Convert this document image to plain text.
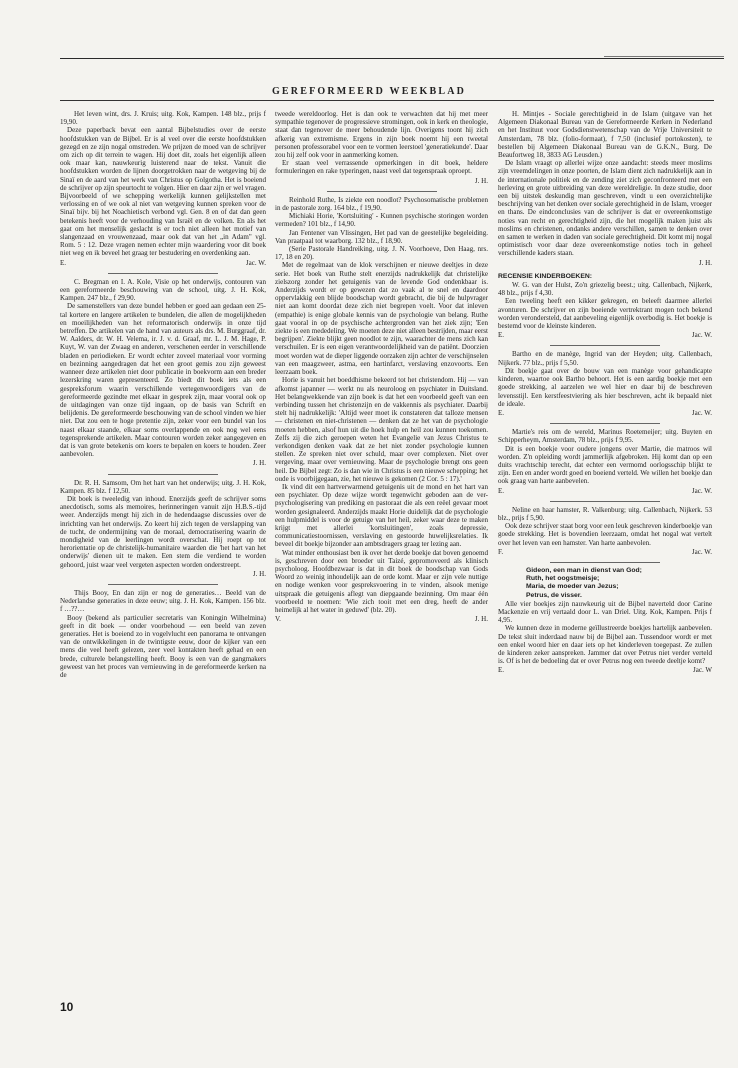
GEREFORMEERD WEEKBLAD

Het leven wint, drs. J. Kruis; uitg. Kok, Kampen. 148 blz., prijs f 19,90.

Deze paperback bevat een aantal Bijbelstudies over de eerste hoofdstukken van de Bijbel. Er is al veel over die eerste hoofdstukken gezegd en ze zijn nogal omstreden. We prijzen de moed van de schrijver om zich op dit terrein te wagen. Hij doet dit, zoals het eigenlijk alleen ook maar kan, nauwkeurig luisterend naar de tekst. Vanuit die hoofdstukken worden de lijnen doorgetrokken naar de wetgeving bij de Sinaï en de aard van het werk van Christus op Golgotha. Het is boeiend de schrijver op zijn speurtocht te volgen. Hier en daar zijn er wel vragen. Bijvoorbeeld of we schepping werkelijk kunnen gelijkstellen met verlossing en of we ook al niet van wetgeving kunnen spreken voor de Sinaï bijv. bij het Noachietisch verbond vgl. Gen. 8 en of dat dan geen betekenis heeft voor de verhouding van Israël en de volken. En als het gaat om het menselijk geslacht is er toch niet alleen het motief van slangenzaad en vrouwenzaad, maar ook dat van het „in Adam" vgl. Rom. 5 : 12. Deze vragen nemen echter mijn waardering voor dit boek niet weg en ik beveel het graag ter bestudering en overdenking aan.

E.	Jac. W.

C. Bregman en I. A. Kole, Visie op het onderwijs, contouren van een gereformeerde beschouwing van de school, uitg. J. H. Kok, Kampen. 247 blz., f 29,90.

De samenstellers van deze bundel hebben er goed aan gedaan een 25-tal kortere en langere artikelen te bundelen, die allen de mogelijkheden en moeilijkheden van het reformatorisch onderwijs in onze tijd betreffen. De artikelen van de hand van auteurs als drs. M. Burggraaf, dr. W. Aalders, dr. W. H. Velema, ir. J. v. d. Graaf, mr. L. J. M. Hage, P. Kuyt, W. van der Zwaag en anderen, verschenen eerder in verschillende bladen en periodieken. Er wordt echter zoveel materiaal voor vorming en bezinning aangedragen dat het een groot gemis zou zijn geweest wanneer deze artikelen niet door publicatie in boekvorm aan een breder lezerskring waren gepresenteerd. Zo biedt dit boek iets als een gespreksforum waarin verschillende vertegenwoordigers van de gereformeerde gezindte met elkaar in gesprek zijn, maar vooral ook op de uitdagingen van onze tijd ingaan, op de basis van Schrift en belijdenis. De gereformeerde beschouwing van de school vinden we hier niet. Dat zou een te hoge pretentie zijn, zeker voor een bundel van los naast elkaar staande, elkaar soms overlappende en ook nog wel eens tegensprekende artikelen. Maar contouren worden zeker aangegeven en dat is van grote betekenis om koers te bepalen en koers te houden. Zeer aanbevolen.

J. H.

Dr. R. H. Samsom, Om het hart van het onderwijs; uitg. J. H. Kok, Kampen. 85 blz. f 12,50.

Dit boek is tweeledig van inhoud. Enerzijds geeft de schrijver soms anecdotisch, soms als memoires, herinneringen vanuit zijn H.B.S.-tijd weer. Anderzijds mengt hij zich in de hedendaagse discussies over de inrichting van het onderwijs. Zo keert hij zich tegen de verslapping van de tucht, de ondermijning van de moraal, democratisering waarin de mondigheid van de leerlingen wordt overschat. Hij roept op tot herorientatie op de christelijk-humanitaire waarden die 'het hart van het onderwijs' dienen uit te maken. Een stem die verdiend te worden gehoord, juist waar veel vergeten aspecten worden onderstreept.

J. H.

Thijs Booy, En dan zijn er nog de generaties… Beeld van de Nederlandse generaties in deze eeuw; uitg. J. H. Kok, Kampen. 156 blz. f …??…

Booy (bekend als particulier secretaris van Koningin Wilhelmina) geeft in dit boek — onder voorbehoud — een beeld van zeven generaties. Het is boeiend zo in vogelvlucht een panorama te ontvangen van de ontwikkelingen in de twintigste eeuw, door de kijker van een mens die veel heeft gelezen, zeer veel kontakten heeft gehad en een brede, culturele belangstelling heeft. Booy is een van de gangmakers geweest van het proces van vernieuwing in de gereformeerde kerken na de

tweede wereldoorlog. Het is dan ook te verwachten dat hij met meer sympathie tegenover de progressieve stromingen, ook in kerk en theologie, staat dan tegenover de meer behoudende lijn. Overigens toont hij zich afkerig van extremisme. Ergens in zijn boek noemt hij een tweetal personen professorabel voor een te vormen leerstoel 'generatiekunde'. Daar zou hij zelf ook voor in aanmerking komen.

Er staan veel verrassende opmerkingen in dit boek, heldere formuleringen en rake typeringen, naast veel dat tegenspraak oproept.

J. H.

Reinhold Ruthe, Is ziekte een noodlot? Psychosomatische problemen in de pastorale zorg. 164 blz., f 19,90.

Michiaki Horie, 'Kortsluiting' - Kunnen psychische storingen worden vermeden? 101 blz., f 14,90.

Jan Fentener van Vlissingen, Het pad van de geestelijke begeleiding. Van praatpaal tot waarborg. 132 blz., f 18,90.

(Serie Pastorale Handreiking, uitg. J. N. Voorhoeve, Den Haag, nrs. 17, 18 en 20).

Met de regelmaat van de klok verschijnen er nieuwe deeltjes in deze serie. Het boek van Ruthe stelt enerzijds nadrukkelijk dat christelijke zielszorg zonder het getuigenis van de levende God ondenkbaar is. Anderzijds wordt er op gewezen dat zo vaak al te snel en daardoor oppervlakkig een blijde boodschap wordt gebracht, die bij de hulpvrager niet aan komt doordat deze zich niet begrepen voelt. Voor dat inleven (empathie) is enige globale kennis van de psychologie van belang. Ruthe gaat vooral in op de psychische achtergronden van het ziek zijn; 'Een ziekte is een mededeling. We moeten deze niet alleen bestrijden, maar eerst begrijpen'. Ziekte blijkt geen noodlot te zijn, waarachter de mens zich kan verschuilen. Er is een eigen verantwoordelijkheid van de patiënt. Doorzien moet worden wat de dieper liggende oorzaken zijn achter de verschijnselen van een maagzweer, astma, een hartinfarct, verslaving enzovoorts. Een leerzaam boek.

Horie is vanuit het boeddhisme bekeerd tot het christendom. Hij — van afkomst japanner — werkt nu als neuroloog en psychiater in Duitsland. Het belangwekkende van zijn boek is dat het een voorbeeld geeft van een verbinding tussen het christenzijn en de vakkennis als psychiater. Daarbij stelt hij nadrukkelijk: 'Altijd weer moet ik constateren dat talloze mensen — christenen en niet-christenen — denken dat ze het van de psychologie moeten hebben, alsof hun uit die hoek hulp en heil zou kunnen toekomen. Zelfs zij die zich geroepen weten het Evangelie van Jezus Christus te verkondigen denken vaak dat ze het niet zonder psychologie kunnen stellen. Ze spreken niet over schuld, maar over complexen. Niet over vergeving, maar over vernieuwing. Maar de psychologie brengt ons geen heil. De Bijbel zegt: Zo is dan wie in Christus is een nieuwe schepping; het oude is voorbijgegaan, zie, het nieuwe is gekomen (2 Cor. 5 : 17).'

Ik vind dit een hartverwarmend getuigenis uit de mond en het hart van een psychiater. Op deze wijze wordt tegenwicht geboden aan de ver-psychologisering van prediking en pastoraat die als een reëel gevaar moet worden gesignaleerd. Anderzijds maakt Horie duidelijk dat de psychologie een hulpmiddel is voor de getuige van het heil, zeker waar deze te maken krijgt met allerlei 'kortsluitingen', zoals depressie, communicatiestoornissen, verslaving en gestoorde huwelijksrelaties. Ik beveel dit boekje bijzonder aan ambtsdragers graag ter lezing aan.

Wat minder enthousiast ben ik over het derde boekje dat boven genoemd is, geschreven door een broeder uit Taizé, gepromoveerd als klinisch psycholoog. Hoofdbezwaar is dat in dit boek de boodschap van Gods Woord zo weinig inhoudelijk aan de orde komt. Maar er zijn vele nuttige en nodige wenken voor gespreksvoering in te vinden, alsook menige uitspraak die getuigenis aflegt van diepgaande bezinning. Om maar één voorbeeld te noemen: 'Wie zich tooit met een dreg, heeft de ander heimelijk al het water in geduwd' (blz. 20).

V.	J. H.

H. Mintjes - Sociale gerechtigheid in de Islam (uitgave van het Algemeen Diakonaal Bureau van de Gereformeerde Kerken in Nederland en het Instituut voor Godsdienstwetenschap van de Vrije Universiteit te Amsterdam, 78 blz. (folio-formaat), f 7,50 (inclusief portokosten), te bestellen bij Algemeen Diakonaal Bureau van de G.K.N., Burg. De Beaufortweg 18, 3833 AG Leusden.)

De Islam vraagt op allerlei wijze onze aandacht: steeds meer moslims zijn vreemdelingen in onze poorten, de Islam dient zich nadrukkelijk aan in de internationale politiek en de zending ziet zich geconfronteerd met een herleving en grote uitbreiding van deze wereldreligie. In deze studie, door een bij uitstek deskundig man geschreven, vindt u een overzichtelijke beschrijving van het denken over sociale gerechtigheid in de Islam, vroeger en thans. De eindconclusies van de schrijver is dat er overeenkomstige noties van recht en gerechtigheid zijn, die het mogelijk maken juist als moslims en christenen, ondanks andere verschillen, samen te denken over en samen te werken in daden van sociale gerechtigheid. Dit komt mij nogal optimistisch voor daar deze overeenkomstige noties toch in geheel verschillende kaders staan.

J. H.
RECENSIE KINDERBOEKEN:

W. G. van der Hulst, Zo'n griezelig beest.; uitg. Callenbach, Nijkerk, 48 blz., prijs f 4,30.

Een tweeling heeft een kikker gekregen, en beleeft daarmee allerlei avonturen. De schrijver en zijn boeiende vertrektrant mogen toch bekend worden verondersteld, dat aanbeveling eigenlijk overbodig is. Het boekje is bestemd voor de kleinste kinderen.

E.	Jac. W.

Bartho en de manège, Ingrid van der Heyden; uitg. Callenbach, Nijkerk. 77 blz., prijs f 5,50.

Dit boekje gaat over de bouw van een manège voor gehandicapte kinderen, waartoe ook Bartho behoort. Het is een aardig boekje met een goede strekking, al aarzelen we wel hier en daar bij de beschreven levensstijl. Een kerstfeestviering als hier beschreven, acht ik bepaald niet de ideale.

E.	Jac. W.

Martie's reis om de wereld, Marinus Roetemeijer; uitg. Buyten en Schipperheym, Amsterdam, 78 blz., prijs f 9,95.

Dit is een boekje voor oudere jongens over Martie, die matroos wil worden. Z'n opleiding wordt jammerlijk afgebroken. Hij komt dan op een duits vrachtschip terecht, dat echter een vermomd oorlogsschip blijkt te zijn. Een en ander wordt goed en boeiend verteld. We willen het boekje dan ook graag van harte aanbevelen.

E.	Jac. W.

Neline en haar hamster, R. Valkenburg; uitg. Callenbach, Nijkerk. 53 blz., prijs f 5,90.

Ook deze schrijver staat borg voor een leuk geschreven kinderboekje van goede strekking. Het is bovendien leerzaam, omdat het nogal wat vertelt over het leven van een hamster. Van harte aanbevolen.

F.	Jac. W.
Gideon, een man in dienst van God;
Ruth, het oogstmeisje;
Maria, de moeder van Jezus;
Petrus, de visser.

Alle vier boekjes zijn nauwkeurig uit de Bijbel naverteld door Carine Mackenzie en vrij vertaald door L. van Driel. Uitg. Kok, Kampen. Prijs f 4,95.

We kunnen deze in moderne geïllustreerde boekjes hartelijk aanbevelen. De tekst sluit inderdaad nauw bij de Bijbel aan. Tussendoor wordt er met een enkel woord hier en daar iets op het kinderleven toegepast. Ze zullen de kinderen zeker aanspreken. Jammer dat over Petrus niet verder verteld is. Of is het de bedoeling dat er over Petrus nog een tweede deeltje komt?

E.	Jac. W
10
